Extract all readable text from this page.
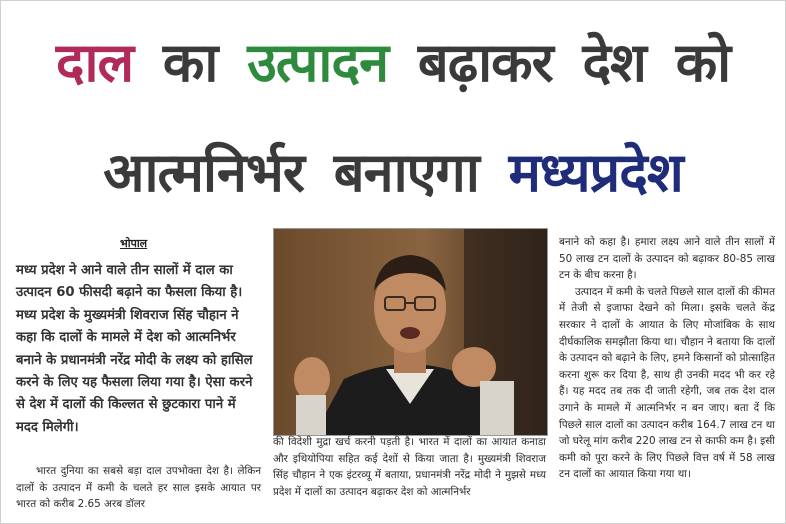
दाल का उत्पादन बढ़ाकर देश को
आत्मनिर्भर बनाएगा मध्यप्रदेश
भोपाल
मध्य प्रदेश ने आने वाले तीन सालों में दाल का उत्पादन 60 फीसदी बढ़ाने का फैसला किया है। मध्य प्रदेश के मुख्यमंत्री शिवराज सिंह चौहान ने कहा कि दालों के मामले में देश को आत्मनिर्भर बनाने के प्रधानमंत्री नरेंद्र मोदी के लक्ष्य को हासिल करने के लिए यह फैसला लिया गया है। ऐसा करने से देश में दालों की किल्लत से छुटकारा पाने में मदद मिलेगी।
भारत दुनिया का सबसे बड़ा दाल उपभोक्ता देश है। लेकिन दालों के उत्पादन में कमी के चलते हर साल इसके आयात पर भारत को करीब 2.65 अरब डॉलर
की विदेशी मुद्रा खर्च करनी पड़ती है। भारत में दालों का आयात कनाडा और इथियोपिया सहित कई देशों से किया जाता है। मुख्यमंत्री शिवराज सिंह चौहान ने एक इंटरव्यू में बताया, प्रधानमंत्री नरेंद्र मोदी ने मुझसे मध्य प्रदेश में दालों का उत्पादन बढ़ाकर देश को आत्मनिर्भर

बनाने को कहा है। हमारा लक्ष्य आने वाले तीन सालों में 50 लाख टन दालों के उत्पादन को बढ़ाकर 80-85 लाख टन के बीच करना है।

उत्पादन में कमी के चलते पिछले साल दालों की कीमत में तेजी से इजाफा देखने को मिला। इसके चलते केंद्र सरकार ने दालों के आयात के लिए मोजांबिक के साथ दीर्घकालिक समझौता किया था। चौहान ने बताया कि दालों के उत्पादन को बढ़ाने के लिए, हमने किसानों को प्रोत्साहित करना शुरू कर दिया है, साथ ही उनकी मदद भी कर रहे हैं। यह मदद तब तक दी जाती रहेगी, जब तक देश दाल उगाने के मामले में आत्मनिर्भर न बन जाए। बता दें कि पिछले साल दालों का उत्पादन करीब 164.7 लाख टन था जो घरेलू मांग करीब 220 लाख टन से काफी कम है। इसी कमी को पूरा करने के लिए पिछले वित्त वर्ष में 58 लाख टन दालों का आयात किया गया था।
